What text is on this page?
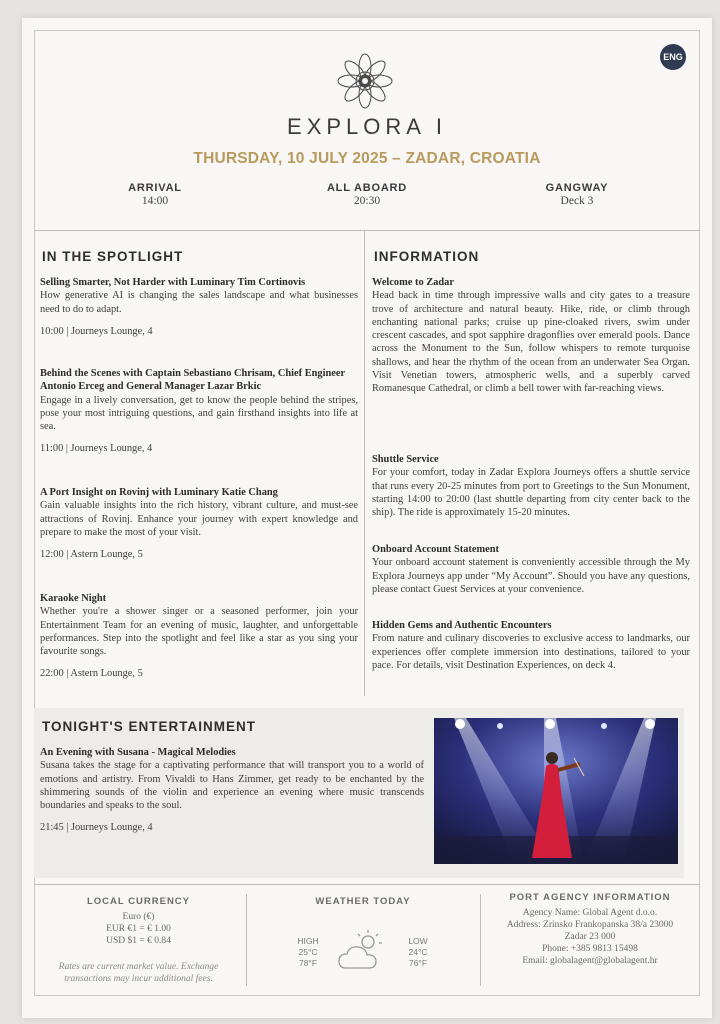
ENG
EXPLORA I
THURSDAY, 10 JULY 2025 – ZADAR, CROATIA
ARRIVAL
14:00
ALL ABOARD
20:30
GANGWAY
Deck 3
IN THE SPOTLIGHT
Selling Smarter, Not Harder with Luminary Tim Cortinovis
How generative AI is changing the sales landscape and what businesses need to do to adapt.
10:00 | Journeys Lounge, 4
Behind the Scenes with Captain Sebastiano Chrisam, Chief Engineer Antonio Erceg and General Manager Lazar Brkic
Engage in a lively conversation, get to know the people behind the stripes, pose your most intriguing questions, and gain firsthand insights into life at sea.
11:00 | Journeys Lounge, 4
A Port Insight on Rovinj with Luminary Katie Chang
Gain valuable insights into the rich history, vibrant culture, and must-see attractions of Rovinj. Enhance your journey with expert knowledge and prepare to make the most of your visit.
12:00 | Astern Lounge, 5
Karaoke Night
Whether you're a shower singer or a seasoned performer, join your Entertainment Team for an evening of music, laughter, and unforgettable performances. Step into the spotlight and feel like a star as you sing your favourite songs.
22:00 | Astern Lounge, 5
INFORMATION
Welcome to Zadar
Head back in time through impressive walls and city gates to a treasure trove of architecture and natural beauty. Hike, ride, or climb through enchanting national parks; cruise up pine-cloaked rivers, swim under crescent cascades, and spot sapphire dragonflies over emerald pools. Dance across the Monument to the Sun, follow whispers to remote turquoise shallows, and hear the rhythm of the ocean from an underwater Sea Organ. Visit Venetian towers, atmospheric wells, and a superbly carved Romanesque Cathedral, or climb a bell tower with far-reaching views.
Shuttle Service
For your comfort, today in Zadar Explora Journeys offers a shuttle service that runs every 20-25 minutes from port to Greetings to the Sun Monument, starting 14:00 to 20:00 (last shuttle departing from city center back to the ship). The ride is approximately 15-20 minutes.
Onboard Account Statement
Your onboard account statement is conveniently accessible through the My Explora Journeys app under “My Account”. Should you have any questions, please contact Guest Services at your convenience.
Hidden Gems and Authentic Encounters
From nature and culinary discoveries to exclusive access to landmarks, our experiences offer complete immersion into destinations, tailored to your pace. For details, visit Destination Experiences, on deck 4.
TONIGHT'S ENTERTAINMENT
An Evening with Susana - Magical Melodies
Susana takes the stage for a captivating performance that will transport you to a world of emotions and artistry. From Vivaldi to Hans Zimmer, get ready to be enchanted by the shimmering sounds of the violin and experience an evening where music transcends boundaries and speaks to the soul.
21:45 | Journeys Lounge, 4
LOCAL CURRENCY
Euro (€)
EUR €1 = € 1.00
USD $1 = € 0.84
Rates are current market value. Exchange transactions may incur additional fees.
WEATHER TODAY
HIGH
25°C
78°F
LOW
24°C
76°F
PORT AGENCY INFORMATION
Agency Name: Global Agent d.o.o.
Address: Zrinsko Frankopanska 38/a 23000
Zadar 23 000
Phone: +385 9813 15498
Email: globalagent@globalagent.hr
